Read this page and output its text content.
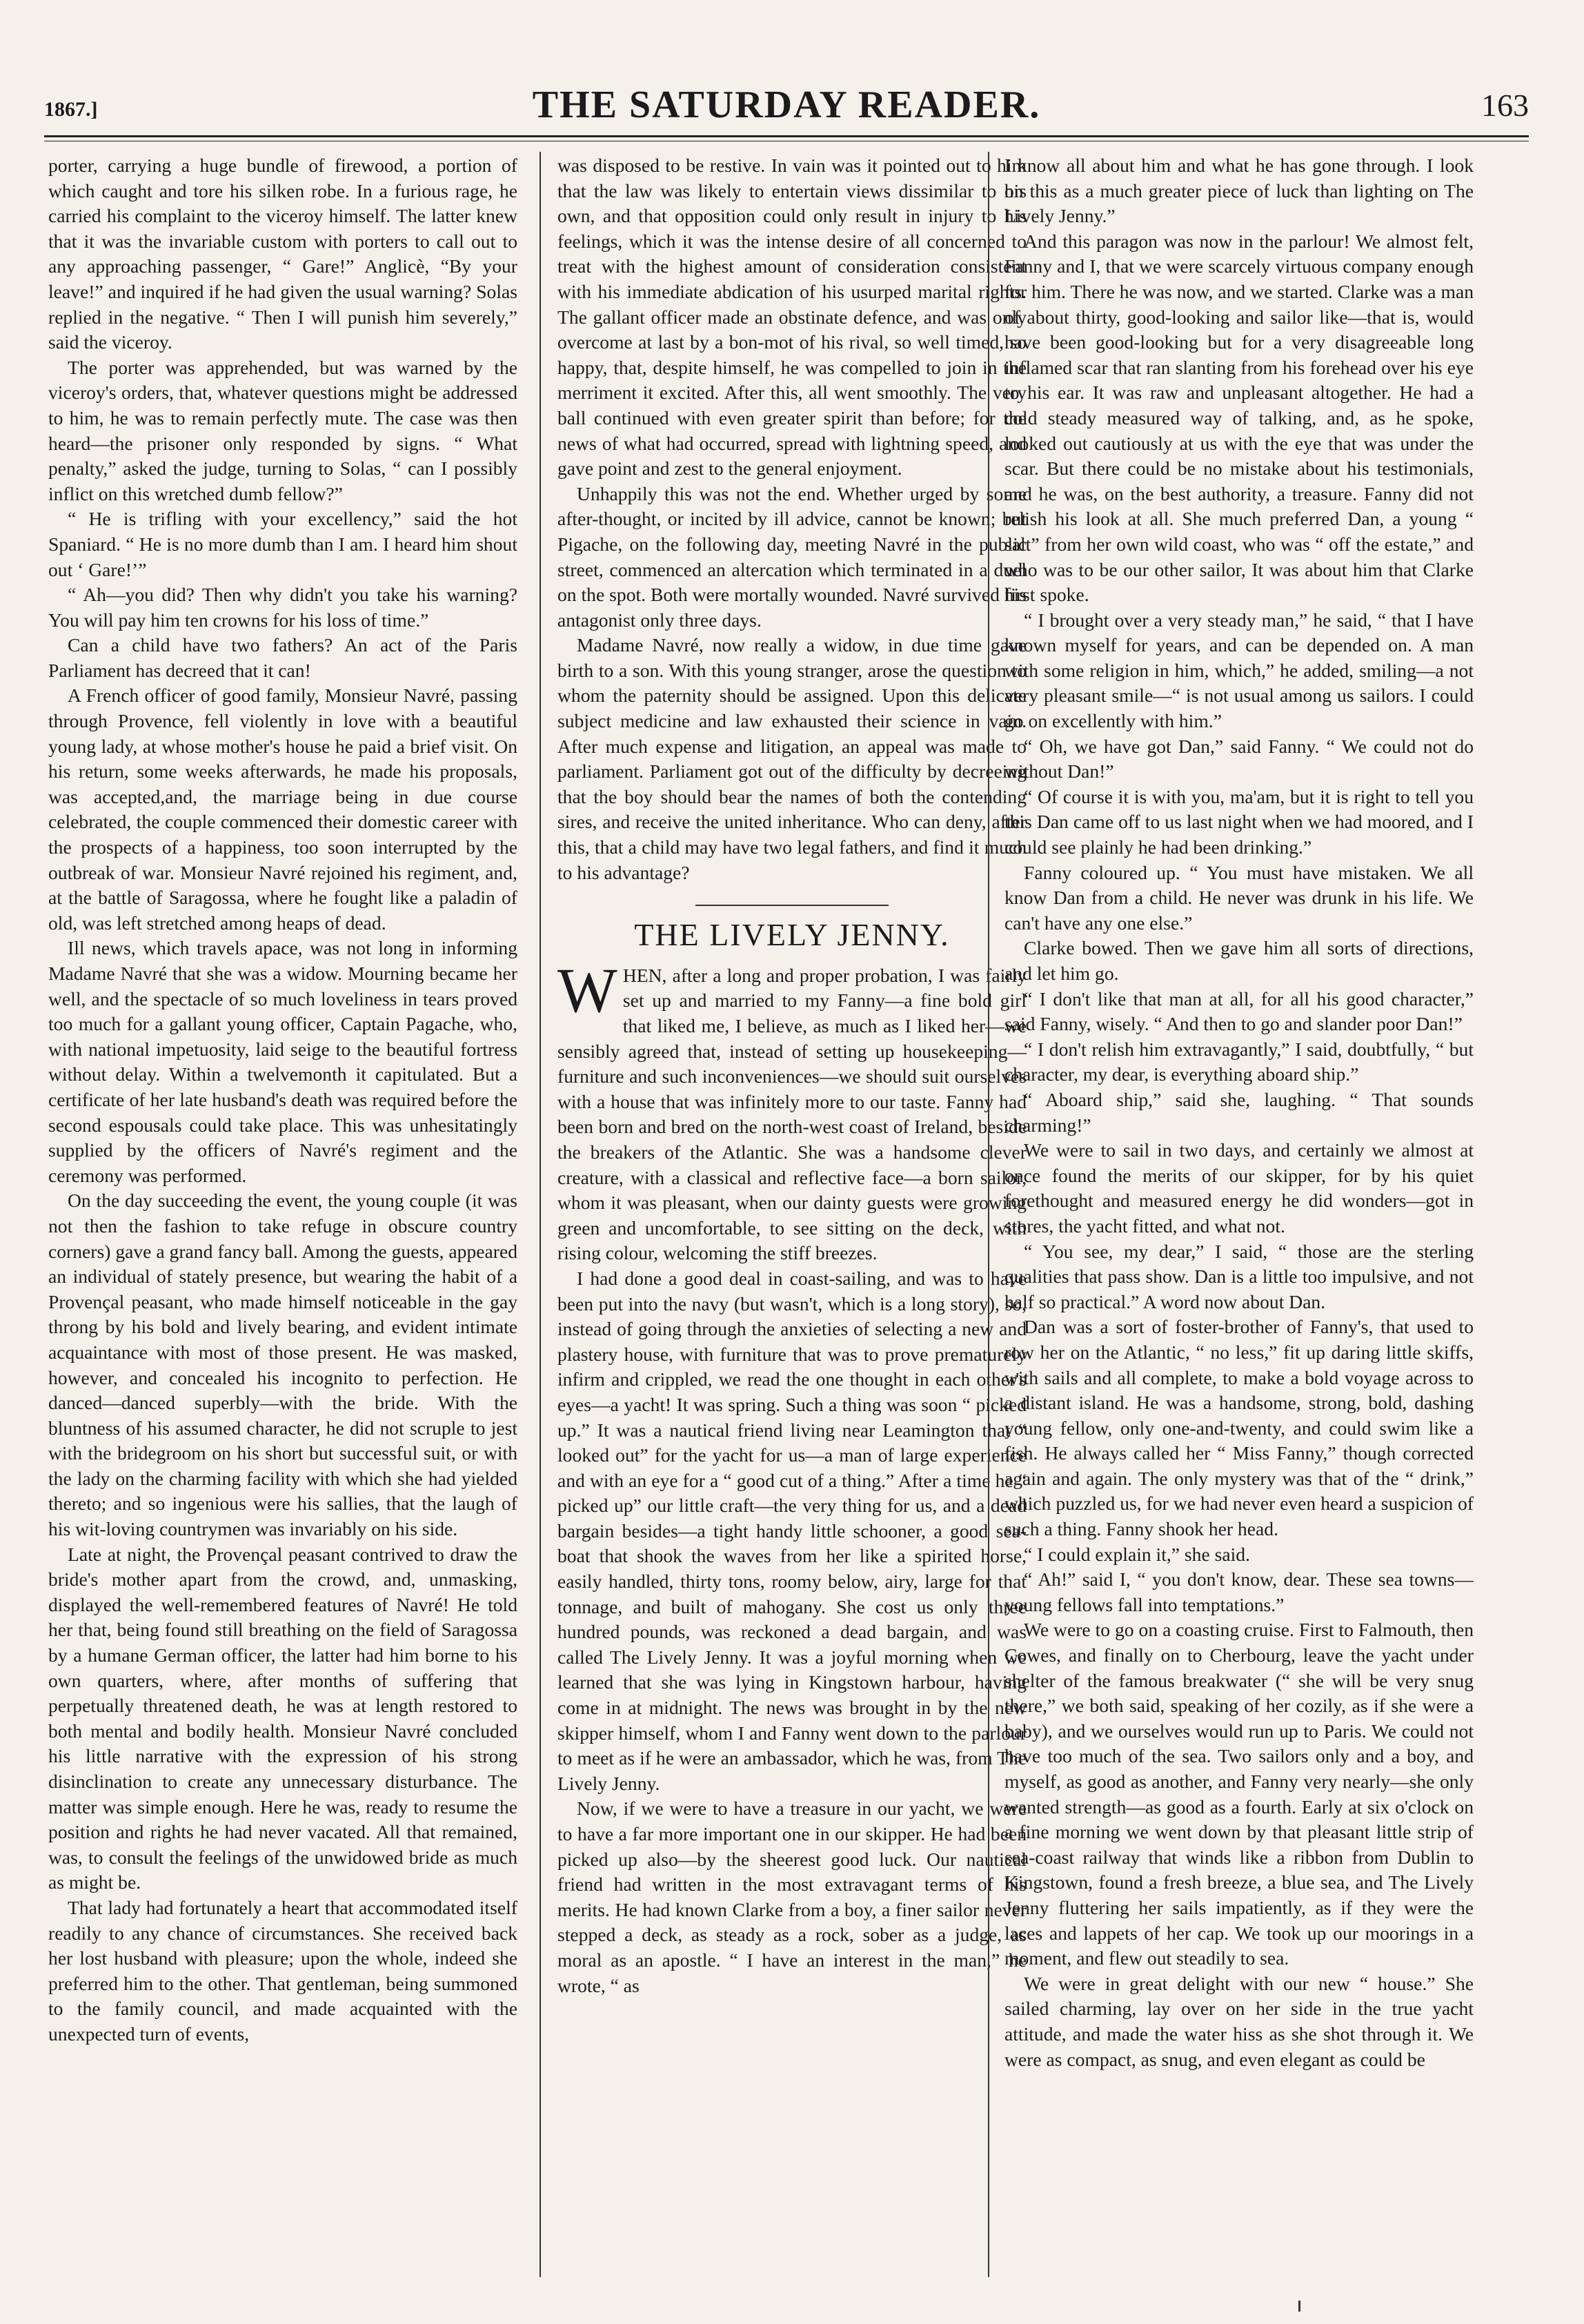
1867.]	THE SATURDAY READER.	163

porter, carrying a huge bundle of firewood, a portion of which caught and tore his silken robe. In a furious rage, he carried his complaint to the viceroy himself. The latter knew that it was the invariable custom with porters to call out to any approaching passenger, “ Gare!” Anglicè, “By your leave!” and inquired if he had given the usual warning? Solas replied in the negative. “ Then I will punish him severely,” said the viceroy.

The porter was apprehended, but was warned by the viceroy's orders, that, whatever questions might be addressed to him, he was to remain perfectly mute. The case was then heard—the prisoner only responded by signs. “ What penalty,” asked the judge, turning to Solas, “ can I possibly inflict on this wretched dumb fellow?”

“ He is trifling with your excellency,” said the hot Spaniard. “ He is no more dumb than I am. I heard him shout out ‘ Gare!’”

“ Ah—you did? Then why didn't you take his warning? You will pay him ten crowns for his loss of time.”

Can a child have two fathers? An act of the Paris Parliament has decreed that it can!

A French officer of good family, Monsieur Navré, passing through Provence, fell violently in love with a beautiful young lady, at whose mother's house he paid a brief visit. On his return, some weeks afterwards, he made his proposals, was accepted,and, the marriage being in due course celebrated, the couple commenced their domestic career with the prospects of a happiness, too soon interrupted by the outbreak of war. Monsieur Navré rejoined his regiment, and, at the battle of Saragossa, where he fought like a paladin of old, was left stretched among heaps of dead.

Ill news, which travels apace, was not long in informing Madame Navré that she was a widow. Mourning became her well, and the spectacle of so much loveliness in tears proved too much for a gallant young officer, Captain Pagache, who, with national impetuosity, laid seige to the beautiful fortress without delay. Within a twelvemonth it capitulated. But a certificate of her late husband's death was required before the second espousals could take place. This was unhesitatingly supplied by the officers of Navré's regiment and the ceremony was performed.

On the day succeeding the event, the young couple (it was not then the fashion to take refuge in obscure country corners) gave a grand fancy ball. Among the guests, appeared an individual of stately presence, but wearing the habit of a Provençal peasant, who made himself noticeable in the gay throng by his bold and lively bearing, and evident intimate acquaintance with most of those present. He was masked, however, and concealed his incognito to perfection. He danced—danced superbly—with the bride. With the bluntness of his assumed character, he did not scruple to jest with the bridegroom on his short but successful suit, or with the lady on the charming facility with which she had yielded thereto; and so ingenious were his sallies, that the laugh of his wit-loving countrymen was invariably on his side.

Late at night, the Provençal peasant contrived to draw the bride's mother apart from the crowd, and, unmasking, displayed the well-remembered features of Navré! He told her that, being found still breathing on the field of Saragossa by a humane German officer, the latter had him borne to his own quarters, where, after months of suffering that perpetually threatened death, he was at length restored to both mental and bodily health. Monsieur Navré concluded his little narrative with the expression of his strong disinclination to create any unnecessary disturbance. The matter was simple enough. Here he was, ready to resume the position and rights he had never vacated. All that remained, was, to consult the feelings of the unwidowed bride as much as might be.

That lady had fortunately a heart that accommodated itself readily to any chance of circumstances. She received back her lost husband with pleasure; upon the whole, indeed she preferred him to the other. That gentleman, being summoned to the family council, and made acquainted with the unexpected turn of events,

was disposed to be restive. In vain was it pointed out to him that the law was likely to entertain views dissimilar to his own, and that opposition could only result in injury to his feelings, which it was the intense desire of all concerned to treat with the highest amount of consideration consistent with his immediate abdication of his usurped marital rights. The gallant officer made an obstinate defence, and was only overcome at last by a bon-mot of his rival, so well timed, so happy, that, despite himself, he was compelled to join in the merriment it excited. After this, all went smoothly. The very ball continued with even greater spirit than before; for the news of what had occurred, spread with lightning speed, and gave point and zest to the general enjoyment.

Unhappily this was not the end. Whether urged by some after-thought, or incited by ill advice, cannot be known; but Pigache, on the following day, meeting Navré in the public street, commenced an altercation which terminated in a duel on the spot. Both were mortally wounded. Navré survived his antagonist only three days.

Madame Navré, now really a widow, in due time gave birth to a son. With this young stranger, arose the question to whom the paternity should be assigned. Upon this delicate subject medicine and law exhausted their science in vain. After much expense and litigation, an appeal was made to parliament. Parliament got out of the difficulty by decreeing that the boy should bear the names of both the contending sires, and receive the united inheritance. Who can deny, after this, that a child may have two legal fathers, and find it much to his advantage?

THE LIVELY JENNY.

WHEN, after a long and proper probation, I was fairly set up and married to my Fanny—a fine bold girl that liked me, I believe, as much as I liked her—we sensibly agreed that, instead of setting up housekeeping—furniture and such inconveniences—we should suit ourselves with a house that was infinitely more to our taste. Fanny had been born and bred on the north-west coast of Ireland, beside the breakers of the Atlantic. She was a handsome clever creature, with a classical and reflective face—a born sailor, whom it was pleasant, when our dainty guests were growing green and uncomfortable, to see sitting on the deck, with rising colour, welcoming the stiff breezes.

I had done a good deal in coast-sailing, and was to have been put into the navy (but wasn't, which is a long story), so, instead of going through the anxieties of selecting a new and plastery house, with furniture that was to prove prematurely infirm and crippled, we read the one thought in each other's eyes—a yacht! It was spring. Such a thing was soon “ picked up.” It was a nautical friend living near Leamington that “ looked out” for the yacht for us—a man of large experience and with an eye for a “ good cut of a thing.” After a time he “ picked up” our little craft—the very thing for us, and a dead bargain besides—a tight handy little schooner, a good sea-boat that shook the waves from her like a spirited horse, easily handled, thirty tons, roomy below, airy, large for that tonnage, and built of mahogany. She cost us only three hundred pounds, was reckoned a dead bargain, and was called The Lively Jenny. It was a joyful morning when we learned that she was lying in Kingstown harbour, having come in at midnight. The news was brought in by the new skipper himself, whom I and Fanny went down to the parlour to meet as if he were an ambassador, which he was, from The Lively Jenny.

Now, if we were to have a treasure in our yacht, we were to have a far more important one in our skipper. He had been picked up also—by the sheerest good luck. Our nautical friend had written in the most extravagant terms of his merits. He had known Clarke from a boy, a finer sailor never stepped a deck, as steady as a rock, sober as a judge, as moral as an apostle. “ I have an interest in the man,” he wrote, “ as

I know all about him and what he has gone through. I look on this as a much greater piece of luck than lighting on The Lively Jenny.”

And this paragon was now in the parlour! We almost felt, Fanny and I, that we were scarcely virtuous company enough for him. There he was now, and we started. Clarke was a man of about thirty, good-looking and sailor like—that is, would have been good-looking but for a very disagreeable long inflamed scar that ran slanting from his forehead over his eye to his ear. It was raw and unpleasant altogether. He had a cold steady measured way of talking, and, as he spoke, looked out cautiously at us with the eye that was under the scar. But there could be no mistake about his testimonials, and he was, on the best authority, a treasure. Fanny did not relish his look at all. She much preferred Dan, a young “ salt” from her own wild coast, who was “ off the estate,” and who was to be our other sailor, It was about him that Clarke first spoke.

“ I brought over a very steady man,” he said, “ that I have known myself for years, and can be depended on. A man with some religion in him, which,” he added, smiling—a not very pleasant smile—“ is not usual among us sailors. I could go on excellently with him.”

“ Oh, we have got Dan,” said Fanny. “ We could not do without Dan!”

“ Of course it is with you, ma'am, but it is right to tell you this Dan came off to us last night when we had moored, and I could see plainly he had been drinking.”

Fanny coloured up. “ You must have mistaken. We all know Dan from a child. He never was drunk in his life. We can't have any one else.”

Clarke bowed. Then we gave him all sorts of directions, and let him go.

“ I don't like that man at all, for all his good character,” said Fanny, wisely. “ And then to go and slander poor Dan!”

“ I don't relish him extravagantly,” I said, doubtfully, “ but character, my dear, is everything aboard ship.”

“ Aboard ship,” said she, laughing. “ That sounds charming!”

We were to sail in two days, and certainly we almost at once found the merits of our skipper, for by his quiet forethought and measured energy he did wonders—got in stores, the yacht fitted, and what not.

“ You see, my dear,” I said, “ those are the sterling qualities that pass show. Dan is a little too impulsive, and not half so practical.” A word now about Dan.

Dan was a sort of foster-brother of Fanny's, that used to row her on the Atlantic, “ no less,” fit up daring little skiffs, with sails and all complete, to make a bold voyage across to a distant island. He was a handsome, strong, bold, dashing young fellow, only one-and-twenty, and could swim like a fish. He always called her “ Miss Fanny,” though corrected again and again. The only mystery was that of the “ drink,” which puzzled us, for we had never even heard a suspicion of such a thing. Fanny shook her head.

“ I could explain it,” she said.

“ Ah!” said I, “ you don't know, dear. These sea towns—young fellows fall into temptations.”

We were to go on a coasting cruise. First to Falmouth, then Cowes, and finally on to Cherbourg, leave the yacht under shelter of the famous breakwater (“ she will be very snug there,” we both said, speaking of her cozily, as if she were a baby), and we ourselves would run up to Paris. We could not have too much of the sea. Two sailors only and a boy, and myself, as good as another, and Fanny very nearly—she only wanted strength—as good as a fourth. Early at six o'clock on a fine morning we went down by that pleasant little strip of sea-coast railway that winds like a ribbon from Dublin to Kingstown, found a fresh breeze, a blue sea, and The Lively Jenny fluttering her sails impatiently, as if they were the laces and lappets of her cap. We took up our moorings in a moment, and flew out steadily to sea.

We were in great delight with our new “ house.” She sailed charming, lay over on her side in the true yacht attitude, and made the water hiss as she shot through it. We were as compact, as snug, and even elegant as could be
